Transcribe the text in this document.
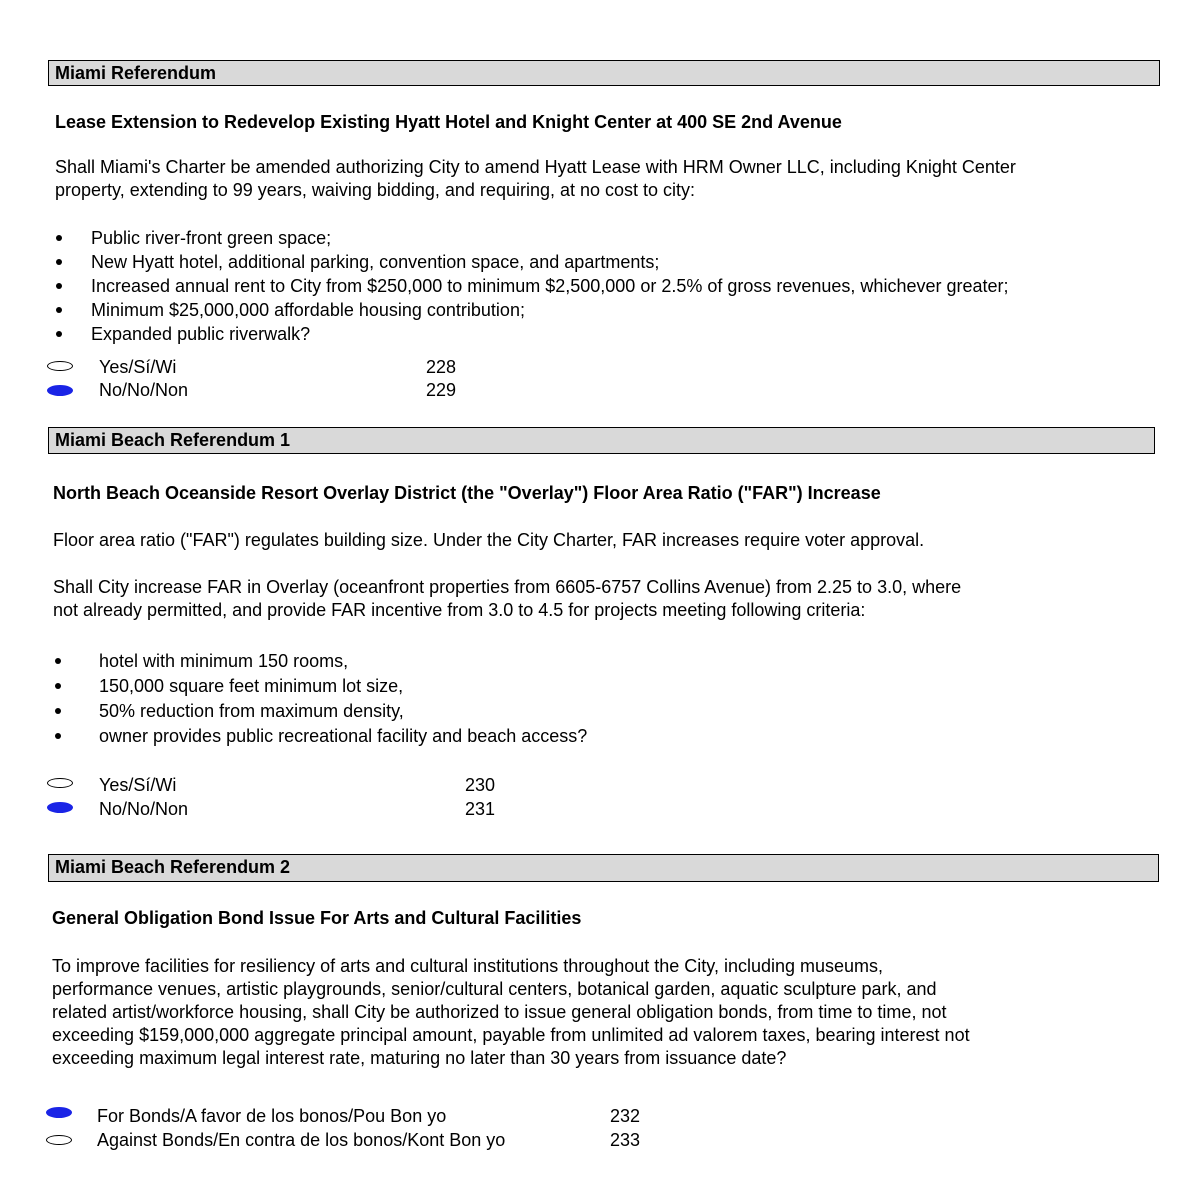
Miami Referendum
Lease Extension to Redevelop Existing Hyatt Hotel and Knight Center at 400 SE 2nd Avenue
Shall Miami's Charter be amended authorizing City to amend Hyatt Lease with HRM Owner LLC, including Knight Center
property, extending to 99 years, waiving bidding, and requiring, at no cost to city:
Public river-front green space;
New Hyatt hotel, additional parking, convention space, and apartments;
Increased annual rent to City from $250,000 to minimum $2,500,000 or 2.5% of gross revenues, whichever greater;
Minimum $25,000,000 affordable housing contribution;
Expanded public riverwalk?
Yes/Sí/Wi	228
No/No/Non	229
Miami Beach Referendum 1
North Beach Oceanside Resort Overlay District (the "Overlay") Floor Area Ratio ("FAR") Increase
Floor area ratio ("FAR") regulates building size. Under the City Charter, FAR increases require voter approval.
Shall City increase FAR in Overlay (oceanfront properties from 6605-6757 Collins Avenue) from 2.25 to 3.0, where
not already permitted, and provide FAR incentive from 3.0 to 4.5 for projects meeting following criteria:
hotel with minimum 150 rooms,
150,000 square feet minimum lot size,
50% reduction from maximum density,
owner provides public recreational facility and beach access?
Yes/Sí/Wi	230
No/No/Non	231
Miami Beach Referendum 2
General Obligation Bond Issue For Arts and Cultural Facilities
To improve facilities for resiliency of arts and cultural institutions throughout the City, including museums,
performance venues, artistic playgrounds, senior/cultural centers, botanical garden, aquatic sculpture park, and
related artist/workforce housing, shall City be authorized to issue general obligation bonds, from time to time, not
exceeding $159,000,000 aggregate principal amount, payable from unlimited ad valorem taxes, bearing interest not
exceeding maximum legal interest rate, maturing no later than 30 years from issuance date?
For Bonds/A favor de los bonos/Pou Bon yo	232
Against Bonds/En contra de los bonos/Kont Bon yo	233
